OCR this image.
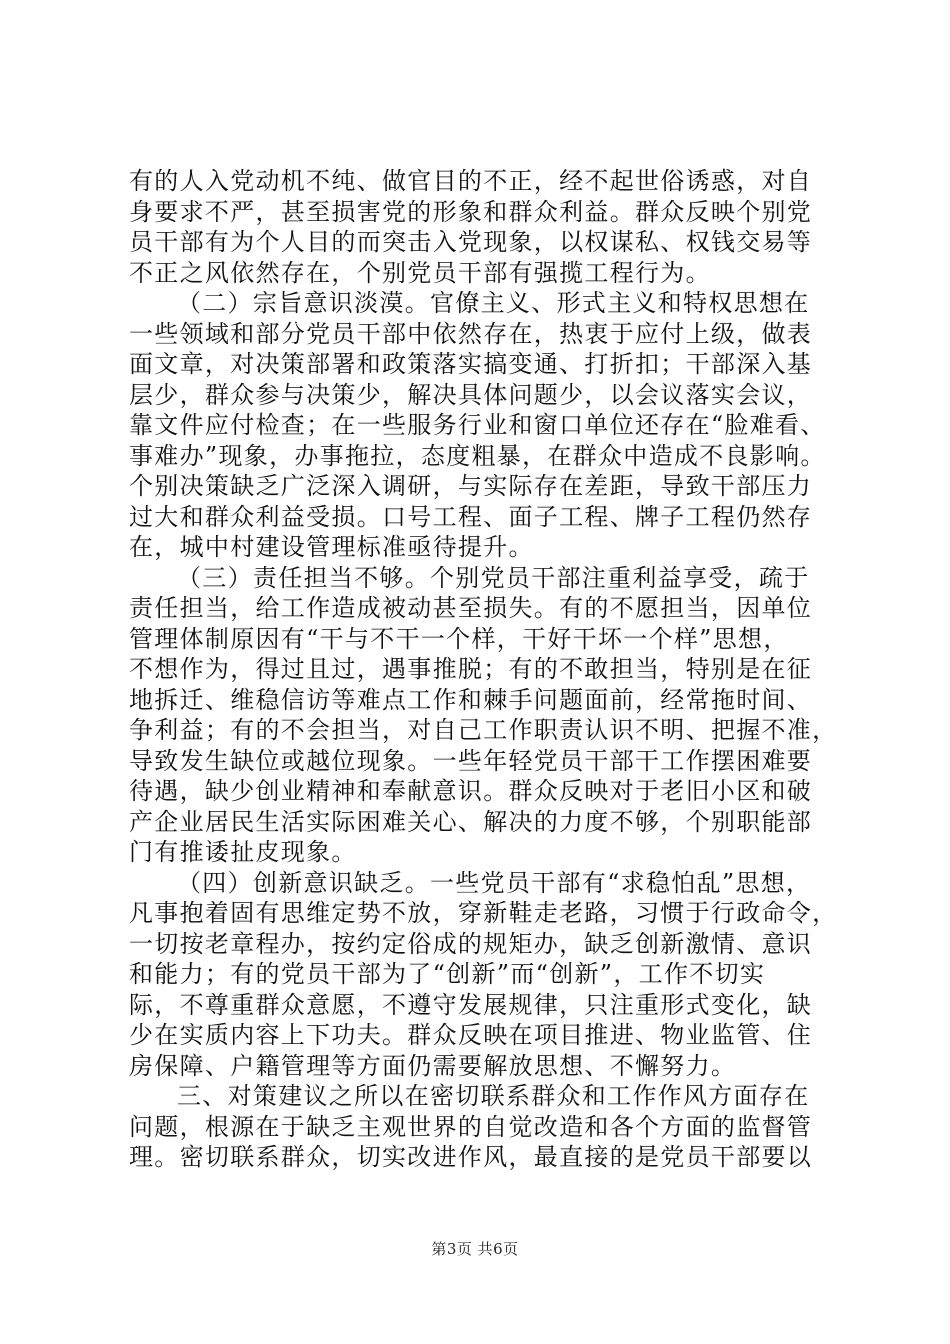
有的人入党动机不纯、做官目的不正，经不起世俗诱惑，对自
身要求不严，甚至损害党的形象和群众利益。群众反映个别党
员干部有为个人目的而突击入党现象，以权谋私、权钱交易等
不正之风依然存在，个别党员干部有强揽工程行为。
（二）宗旨意识淡漠。官僚主义、形式主义和特权思想在
一些领域和部分党员干部中依然存在，热衷于应付上级，做表
面文章，对决策部署和政策落实搞变通、打折扣；干部深入基
层少，群众参与决策少，解决具体问题少，以会议落实会议，
靠文件应付检查；在一些服务行业和窗口单位还存在“脸难看、
事难办”现象，办事拖拉，态度粗暴，在群众中造成不良影响。
个别决策缺乏广泛深入调研，与实际存在差距，导致干部压力
过大和群众利益受损。口号工程、面子工程、牌子工程仍然存
在，城中村建设管理标准亟待提升。
（三）责任担当不够。个别党员干部注重利益享受，疏于
责任担当，给工作造成被动甚至损失。有的不愿担当，因单位
管理体制原因有“干与不干一个样，干好干坏一个样”思想，
不想作为，得过且过，遇事推脱；有的不敢担当，特别是在征
地拆迁、维稳信访等难点工作和棘手问题面前，经常拖时间、
争利益；有的不会担当，对自己工作职责认识不明、把握不准，
导致发生缺位或越位现象。一些年轻党员干部干工作摆困难要
待遇，缺少创业精神和奉献意识。群众反映对于老旧小区和破
产企业居民生活实际困难关心、解决的力度不够，个别职能部
门有推诿扯皮现象。
（四）创新意识缺乏。一些党员干部有“求稳怕乱”思想，
凡事抱着固有思维定势不放，穿新鞋走老路，习惯于行政命令，
一切按老章程办，按约定俗成的规矩办，缺乏创新激情、意识
和能力；有的党员干部为了“创新”而“创新”，工作不切实
际，不尊重群众意愿，不遵守发展规律，只注重形式变化，缺
少在实质内容上下功夫。群众反映在项目推进、物业监管、住
房保障、户籍管理等方面仍需要解放思想、不懈努力。
三、对策建议之所以在密切联系群众和工作作风方面存在
问题，根源在于缺乏主观世界的自觉改造和各个方面的监督管
理。密切联系群众，切实改进作风，最直接的是党员干部要以
第3页 共6页
